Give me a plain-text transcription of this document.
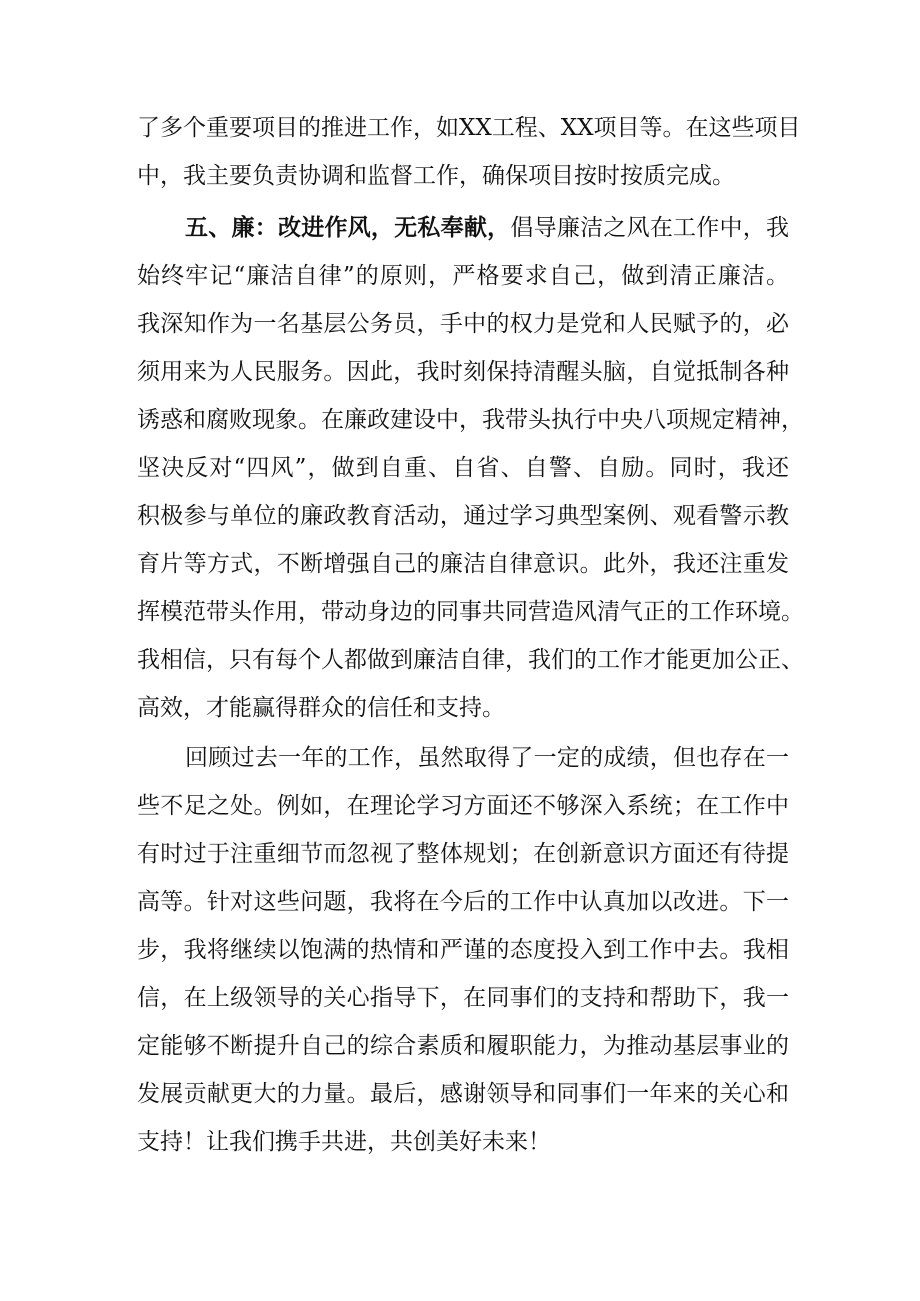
了多个重要项目的推进工作，如XX工程、XX项目等。在这些项目
中，我主要负责协调和监督工作，确保项目按时按质完成。
五、廉：改进作风，无私奉献，倡导廉洁之风在工作中，我
始终牢记“廉洁自律”的原则，严格要求自己，做到清正廉洁。
我深知作为一名基层公务员，手中的权力是党和人民赋予的，必
须用来为人民服务。因此，我时刻保持清醒头脑，自觉抵制各种
诱惑和腐败现象。在廉政建设中，我带头执行中央八项规定精神，
坚决反对“四风”，做到自重、自省、自警、自励。同时，我还
积极参与单位的廉政教育活动，通过学习典型案例、观看警示教
育片等方式，不断增强自己的廉洁自律意识。此外，我还注重发
挥模范带头作用，带动身边的同事共同营造风清气正的工作环境。
我相信，只有每个人都做到廉洁自律，我们的工作才能更加公正、
高效，才能赢得群众的信任和支持。
回顾过去一年的工作，虽然取得了一定的成绩，但也存在一
些不足之处。例如，在理论学习方面还不够深入系统；在工作中
有时过于注重细节而忽视了整体规划；在创新意识方面还有待提
高等。针对这些问题，我将在今后的工作中认真加以改进。下一
步，我将继续以饱满的热情和严谨的态度投入到工作中去。我相
信，在上级领导的关心指导下，在同事们的支持和帮助下，我一
定能够不断提升自己的综合素质和履职能力，为推动基层事业的
发展贡献更大的力量。最后，感谢领导和同事们一年来的关心和
支持！让我们携手共进，共创美好未来！
